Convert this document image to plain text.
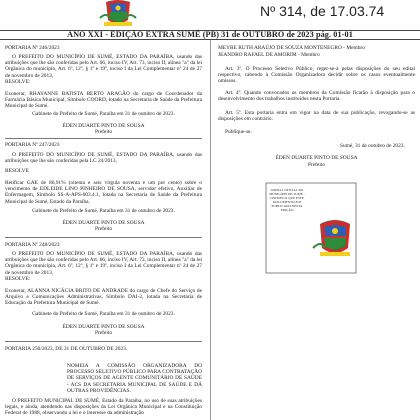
Nº 314, de 17.03.74
ANO XXI - EDIÇÃO EXTRA SUMÉ (PB) 31 de OUTUBRO de 2023 pág. 01-01
PORTARIA Nº 246/2023

O PREFEITO DO MUNICÍPIO DE SUMÉ, ESTADO DA PARAÍBA, usando das atribuições que lhe são conferidas pelo Art. 66, inciso IV, Art. 73, inciso II, alínea "a" da lei Orgânica do município, Art. 6º, 12º, § 1º e 19º, inciso I da Lei Complementar nº 24 de 27 de novembro de 2013,

RESOLVE:

Exonerar, RHAYANNE BATISTA BERTO ARAGÃO do cargo de Coordenador da Farmácia Básica Municipal, Símbolo COORD, lotado na Secretaria de Saúde da Prefeitura Municipal de Sumé.

Gabinete do Prefeito de Sumé, Paraíba em 31 de outubro de 2023.
ÉDEN DUARTE PINTO DE SOUSA
Prefeito
PORTARIA Nº 247/2023

O PREFEITO DO MUNICÍPIO DE SUMÉ, ESTADO DA PARAÍBA, usando das atribuições que lhe são conferidas pela LC 24/2013,

RESOLVE

Retificar GAE de 86,91% (oitenta e seis vírgula noventa e um por cento) sobre o vencimento de EDLEIDE LINO PINHEIRO DE SOUSA, servidor efetivo, Auxiliar de Enfermagem, Símbolo SS-A-APS-603.4.1, lotada na Secretaria de Saúde da Prefeitura Municipal de Sumé, Estado da Paraíba.

Gabinete do Prefeito de Sumé, Paraíba em 31 de outubro de 2023.
ÉDEN DUARTE PINTO DE SOUSA
Prefeito
PORTARIA Nº 248/2023

O PREFEITO DO MUNICÍPIO DE SUMÉ, ESTADO DA PARAÍBA, usando das atribuições que lhe são conferidas pelo Art. 66, inciso IV, Art. 73, inciso II, alínea "a" da lei Orgânica do município, Art. 6º, 12º, § 1º e 19º, inciso I da Lei Complementar nº 24 de 27 de novembro de 2013,

RESOLVE:

Exonerar, ALANNA NICÁCIA BRITO DE ANDRADE do cargo de Chefe do Serviço de Arquivo e Comunicações Administrativas, Símbolo DAI-2, lotada na Secretaria de Educação da Prefeitura Municipal de Sumé.

Gabinete do Prefeito de Sumé, Paraíba em 31 de outubro de 2023.
ÉDEN DUARTE PINTO DE SOUSA
Prefeito
PORTARIA 250/2023, DE 31 DE OUTUBRO DE 2023.

NOMEIA A COMISSÃO ORGANIZADORA DO PROCESSO SELETIVO PÚBLICO PARA CONTRATAÇÃO DE SERVIÇOS DE AGENTE COMUNITÁRIO DE SAÚDE - ACS DA SECRETARIA MUNICIPAL DE SAÚDE E DÁ OUTRAS PROVIDÊNCIAS.

O PREFEITO MUNICIPAL DE SUMÉ, Estado da Paraíba, no uso de suas atribuições legais, e ainda, atendendo nas disposições da Lei Orgânica Municipal e na Constituição Federal de 1988, observando a lei e o interesse da administração

MEYRE RUTH ARAÚJO DE SOUZA MONTENEGRO - Membro
JEANDRO RAFAEL DE AMORIM - Membro

Art. 3º. O Processo Seletivo Público, reger-se-á pelas disposições do seu edital respectivo, cabendo à Comissão Organizadora decidir sobre os casos eventualmente omissos.

Art. 4º. Quando convocados os membros da Comissão ficarão à disposição para o desenvolvimento dos trabalhos instituídos nesta Portaria.

Art. 5º. Esta portaria entra em vigor na data de sua publicação, revogando-se as disposições em contrário.

Publique-se.
Sumé, 31 de outubro de 2023.
ÉDEN DUARTE PINTO DE SOUSA
Prefeito
JORNAL OFICIAL DO MUNICÍPIO DE SUMÉ - CERTIFICO QUE ESTE DOCUMENTO FOI PUBLICADO NESTA EDIÇÃO
